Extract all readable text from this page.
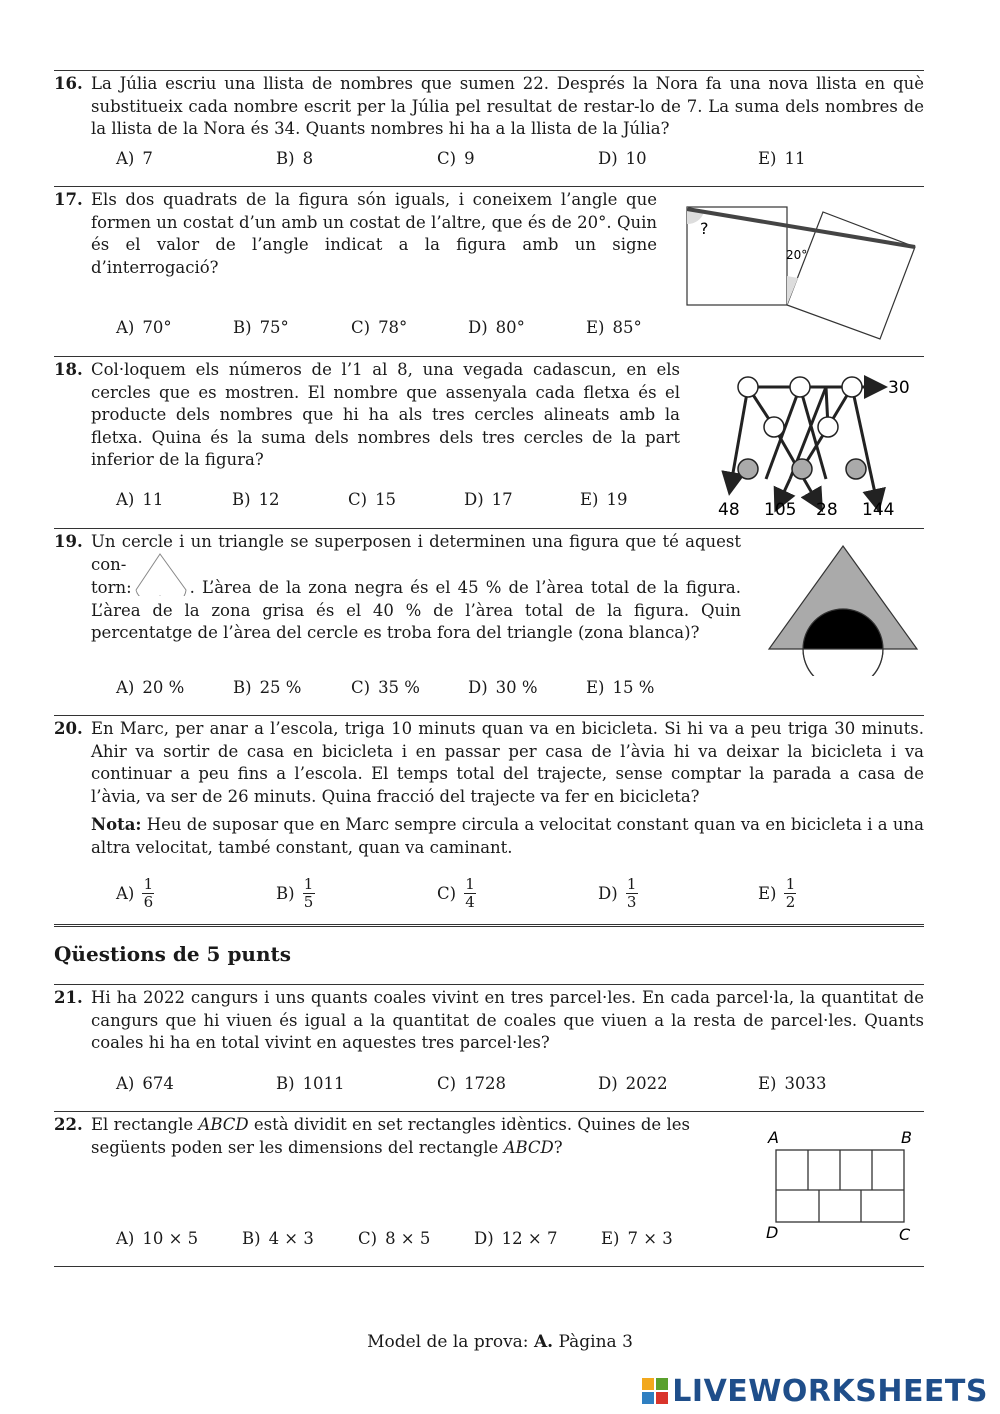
16. La Júlia escriu una llista de nombres que sumen 22. Després la Nora fa una nova llista en què substitueix cada nombre escrit per la Júlia pel resultat de restar-lo de 7. La suma dels nombres de la llista de la Nora és 34. Quants nombres hi ha a la llista de la Júlia?
A) 7	B) 8	C) 9	D) 10	E) 11
17. Els dos quadrats de la figura són iguals, i coneixem l’angle que formen un costat d’un amb un costat de l’altre, que és de 20°. Quin és el valor de l’angle indicat a la figura amb un signe d’interrogació?
?
20°
A) 70°	B) 75°	C) 78°	D) 80°	E) 85°
18. Col·loquem els números de l’1 al 8, una vegada cadascun, en els cercles que es mostren. El nombre que assenyala cada fletxa és el producte dels nombres que hi ha als tres cercles alineats amb la fletxa. Quina és la suma dels nombres dels tres cercles de la part inferior de la figura?
30
48 105 28 144
A) 11	B) 12	C) 15	D) 17	E) 19
19. Un cercle i un triangle se superposen i determinen una figura que té aquest con-
torn:	. L’àrea de la zona negra és el 45 % de l’àrea total de la figura. L’àrea de la zona grisa és el 40 % de l’àrea total de la figura. Quin percentatge de l’àrea del cercle es troba fora del triangle (zona blanca)?
A) 20 %	B) 25 %	C) 35 %	D) 30 %	E) 15 %
20. En Marc, per anar a l’escola, triga 10 minuts quan va en bicicleta. Si hi va a peu triga 30 minuts. Ahir va sortir de casa en bicicleta i en passar per casa de l’àvia hi va deixar la bicicleta i va continuar a peu fins a l’escola. El temps total del trajecte, sense comptar la parada a casa de l’àvia, va ser de 26 minuts. Quina fracció del trajecte va fer en bicicleta?
Nota: Heu de suposar que en Marc sempre circula a velocitat constant quan va en bicicleta i a una altra velocitat, també constant, quan va caminant.
A) 1
6	B) 1
5	C) 1
4	D) 1
3	E) 1
2
Qüestions de 5 punts
21. Hi ha 2022 cangurs i uns quants coales vivint en tres parcel·les. En cada parcel·la, la quantitat de cangurs que hi viuen és igual a la quantitat de coales que viuen a la resta de parcel·les. Quants coales hi ha en total vivint en aquestes tres parcel·les?
A) 674	B) 1011	C) 1728	D) 2022	E) 3033
22. El rectangle ABCD està dividit en set rectangles idèntics. Quines de les següents poden ser les dimensions del rectangle ABCD?	A	B
D	C
A) 10 × 5	B) 4 × 3	C) 8 × 5	D) 12 × 7	E) 7 × 3
Model de la prova: A. Pàgina 3
LIVEWORKSHEETS
